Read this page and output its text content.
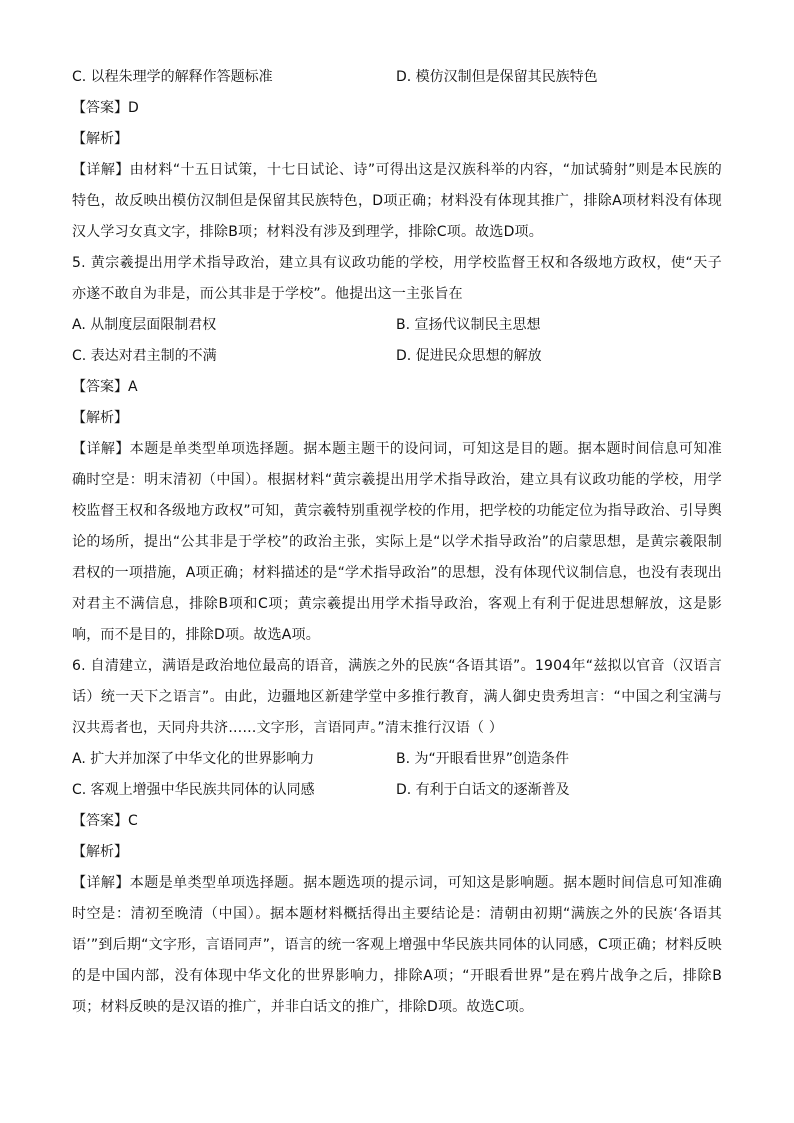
C. 以程朱理学的解释作答题标准	D. 模仿汉制但是保留其民族特色
【答案】D
【解析】
【详解】由材料“十五日试策，十七日试论、诗”可得出这是汉族科举的内容，“加试骑射”则是本民族的特色，故反映出模仿汉制但是保留其民族特色，D项正确；材料没有体现其推广，排除A项材料没有体现汉人学习女真文字，排除B项；材料没有涉及到理学，排除C项。故选D项。
5. 黄宗羲提出用学术指导政治，建立具有议政功能的学校，用学校监督王权和各级地方政权，使“天子亦遂不敢自为非是，而公其非是于学校”。他提出这一主张旨在
A. 从制度层面限制君权	B. 宣扬代议制民主思想
C. 表达对君主制的不满	D. 促进民众思想的解放
【答案】A
【解析】
【详解】本题是单类型单项选择题。据本题主题干的设问词，可知这是目的题。据本题时间信息可知准确时空是：明末清初（中国）。根据材料“黄宗羲提出用学术指导政治，建立具有议政功能的学校，用学校监督王权和各级地方政权”可知，黄宗羲特别重视学校的作用，把学校的功能定位为指导政治、引导舆论的场所，提出“公其非是于学校”的政治主张，实际上是“以学术指导政治”的启蒙思想，是黄宗羲限制君权的一项措施，A项正确；材料描述的是“学术指导政治”的思想，没有体现代议制信息，也没有表现出对君主不满信息，排除B项和C项；黄宗羲提出用学术指导政治，客观上有利于促进思想解放，这是影响，而不是目的，排除D项。故选A项。
6. 自清建立，满语是政治地位最高的语音，满族之外的民族“各语其语”。1904年“兹拟以官音（汉语言话）统一天下之语言”。由此，边疆地区新建学堂中多推行教育，满人御史贵秀坦言：“中国之利宝满与汉共焉者也，天同舟共济……文字形，言语同声。”清末推行汉语（ ）
A. 扩大并加深了中华文化的世界影响力	B. 为“开眼看世界”创造条件
C. 客观上增强中华民族共同体的认同感	D. 有利于白话文的逐渐普及
【答案】C
【解析】
【详解】本题是单类型单项选择题。据本题选项的提示词，可知这是影响题。据本题时间信息可知准确时空是：清初至晚清（中国）。据本题材料概括得出主要结论是：清朝由初期“满族之外的民族‘各语其语’”到后期“文字形，言语同声”，语言的统一客观上增强中华民族共同体的认同感，C项正确；材料反映的是中国内部，没有体现中华文化的世界影响力，排除A项；“开眼看世界”是在鸦片战争之后，排除B项；材料反映的是汉语的推广，并非白话文的推广，排除D项。故选C项。
